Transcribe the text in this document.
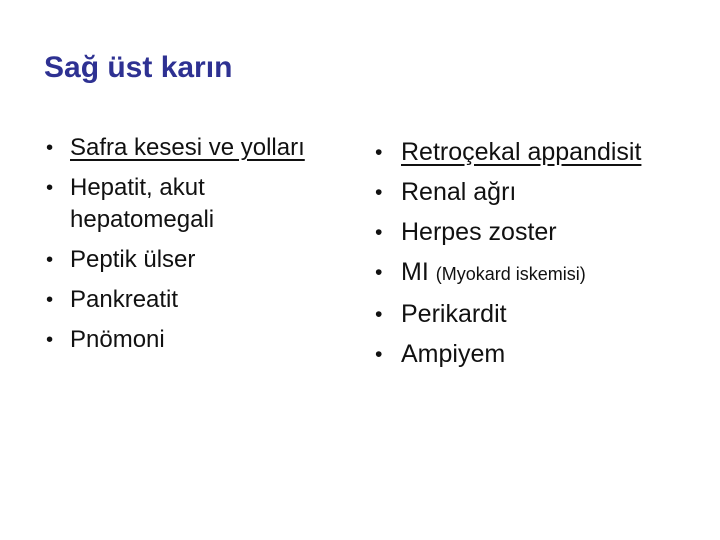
Sağ üst karın
• Safra kesesi ve yolları
• Hepatit, akut
hepatomegali
• Peptik ülser
• Pankreatit
• Pnömoni
• Retroçekal appandisit
• Renal ağrı
• Herpes zoster
• MI (Myokard iskemisi)
• Perikardit
• Ampiyem
